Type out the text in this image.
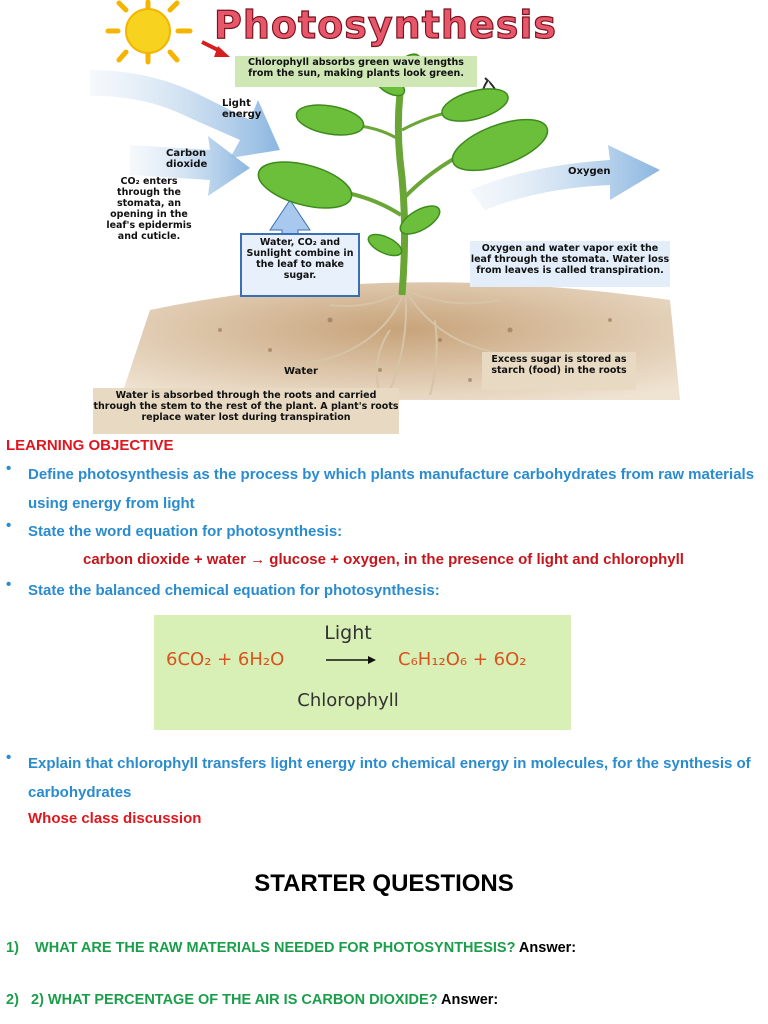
Photosynthesis
Light energy
Carbon dioxide
Oxygen
Water
Chlorophyll absorbs green wave lengths from the sun, making plants look green.
CO₂ enters
through the
stomata, an
opening in the
leaf's epidermis
and cuticle.
Water, CO₂ and Sunlight combine in the leaf to make sugar.
Oxygen and water vapor exit the leaf through the stomata. Water loss from leaves is called transpiration.
Excess sugar is stored as starch (food) in the roots
Water is absorbed through the roots and carried through the stem to the rest of the plant. A plant's roots replace water lost during transpiration
LEARNING OBJECTIVE
• Define photosynthesis as the process by which plants manufacture carbohydrates from raw materials using energy from light
• State the word equation for photosynthesis:
carbon dioxide + water → glucose + oxygen, in the presence of light and chlorophyll
• State the balanced chemical equation for photosynthesis:
Light
6CO₂ + 6H₂O	C₆H₁₂O₆ + 6O₂
Chlorophyll
• Explain that chlorophyll transfers light energy into chemical energy in molecules, for the synthesis of carbohydrates
Whose class discussion
STARTER QUESTIONS
1) WHAT ARE THE RAW MATERIALS NEEDED FOR PHOTOSYNTHESIS? Answer:
2) 2) WHAT PERCENTAGE OF THE AIR IS CARBON DIOXIDE? Answer:
